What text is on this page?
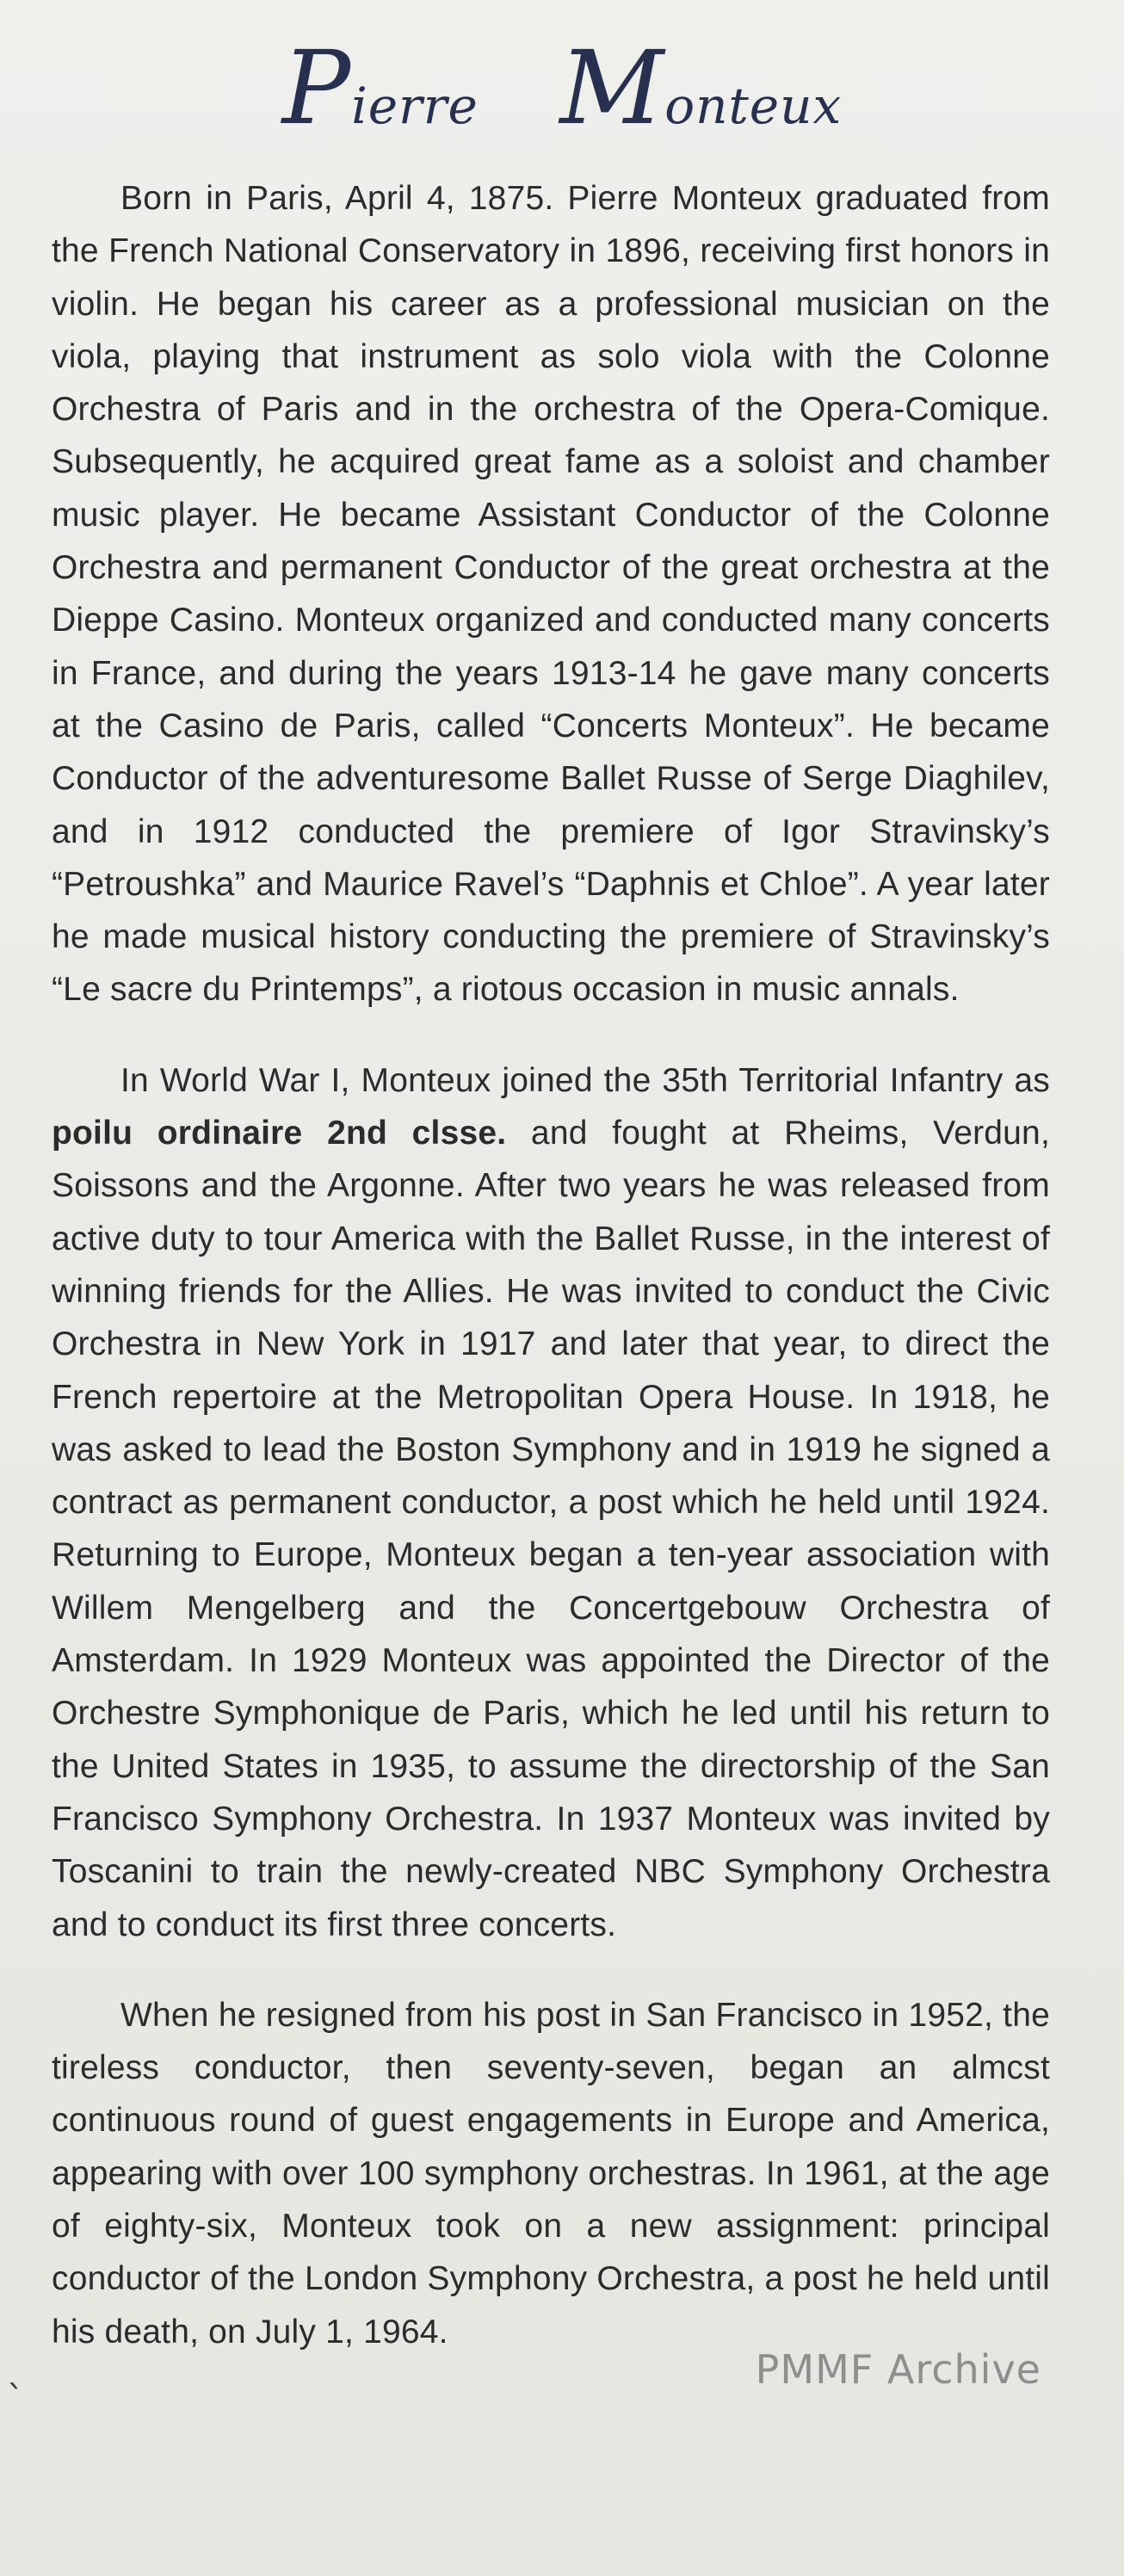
Pierre Monteux

Born in Paris, April 4, 1875. Pierre Monteux graduated from the French National Conservatory in 1896, receiving first honors in violin. He began his career as a professional musician on the viola, playing that instrument as solo viola with the Colonne Orchestra of Paris and in the orchestra of the Opera-Comique. Subsequently, he acquired great fame as a soloist and chamber music player. He became Assistant Conductor of the Colonne Orchestra and permanent Conductor of the great orchestra at the Dieppe Casino. Monteux organized and conducted many concerts in France, and during the years 1913-14 he gave many concerts at the Casino de Paris, called “Concerts Monteux”. He became Conductor of the adventuresome Ballet Russe of Serge Diaghilev, and in 1912 conducted the premiere of Igor Stravinsky’s “Petroushka” and Maurice Ravel’s “Daphnis et Chloe”. A year later he made musical history conducting the premiere of Stravinsky’s “Le sacre du Printemps”, a riotous occasion in music annals.

In World War I, Monteux joined the 35th Territorial Infantry as poilu ordinaire 2nd clsse. and fought at Rheims, Verdun, Soissons and the Argonne. After two years he was released from active duty to tour America with the Ballet Russe, in the interest of winning friends for the Allies. He was invited to conduct the Civic Orchestra in New York in 1917 and later that year, to direct the French repertoire at the Metropolitan Opera House. In 1918, he was asked to lead the Boston Symphony and in 1919 he signed a contract as permanent conductor, a post which he held until 1924. Returning to Europe, Monteux began a ten-year association with Willem Mengelberg and the Concertgebouw Orchestra of Amsterdam. In 1929 Monteux was appointed the Director of the Orchestre Symphonique de Paris, which he led until his return to the United States in 1935, to assume the directorship of the San Francisco Symphony Orchestra. In 1937 Monteux was invited by Toscanini to train the newly-created NBC Symphony Orchestra and to conduct its first three concerts.

When he resigned from his post in San Francisco in 1952, the tireless conductor, then seventy-seven, began an almcst continuous round of guest engagements in Europe and America, appearing with over 100 symphony orchestras. In 1961, at the age of eighty-six, Monteux took on a new assignment: principal conductor of the London Symphony Orchestra, a post he held until his death, on July 1, 1964.

ˎ	PMMF Archive
